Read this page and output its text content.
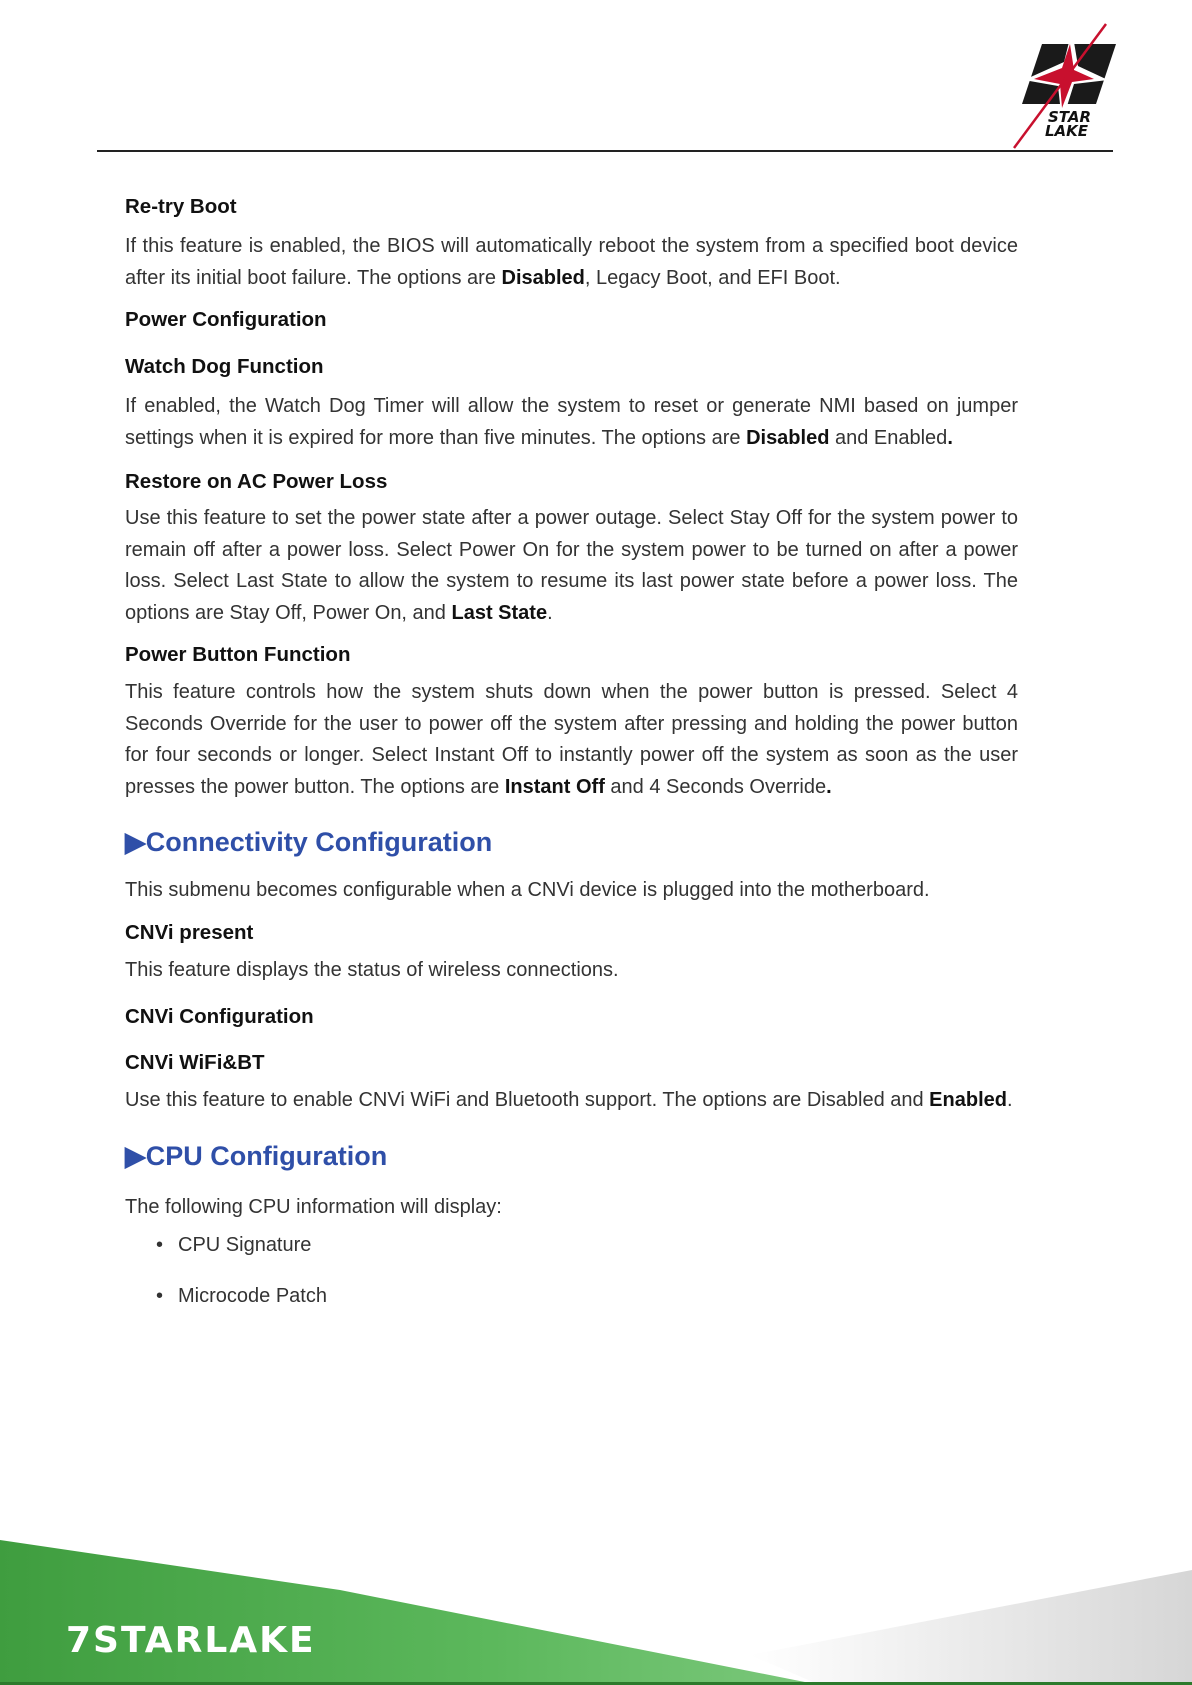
STAR
LAKE
Re-try Boot

If this feature is enabled, the BIOS will automatically reboot the system from a specified boot device after its initial boot failure. The options are Disabled, Legacy Boot, and EFI Boot.

Power Configuration
Watch Dog Function

If enabled, the Watch Dog Timer will allow the system to reset or generate NMI based on jumper settings when it is expired for more than five minutes. The options are Disabled and Enabled.

Restore on AC Power Loss

Use this feature to set the power state after a power outage. Select Stay Off for the system power to remain off after a power loss. Select Power On for the system power to be turned on after a power loss. Select Last State to allow the system to resume its last power state before a power loss. The options are Stay Off, Power On, and Last State.

Power Button Function

This feature controls how the system shuts down when the power button is pressed. Select 4 Seconds Override for the user to power off the system after pressing and holding the power button for four seconds or longer. Select Instant Off to instantly power off the system as soon as the user presses the power button. The options are Instant Off and 4 Seconds Override.

▶Connectivity Configuration

This submenu becomes configurable when a CNVi device is plugged into the motherboard.

CNVi present

This feature displays the status of wireless connections.

CNVi Configuration
CNVi WiFi&BT

Use this feature to enable CNVi WiFi and Bluetooth support. The options are Disabled and Enabled.

▶CPU Configuration

The following CPU information will display:

• CPU Signature
• Microcode Patch
7STARLAKE
